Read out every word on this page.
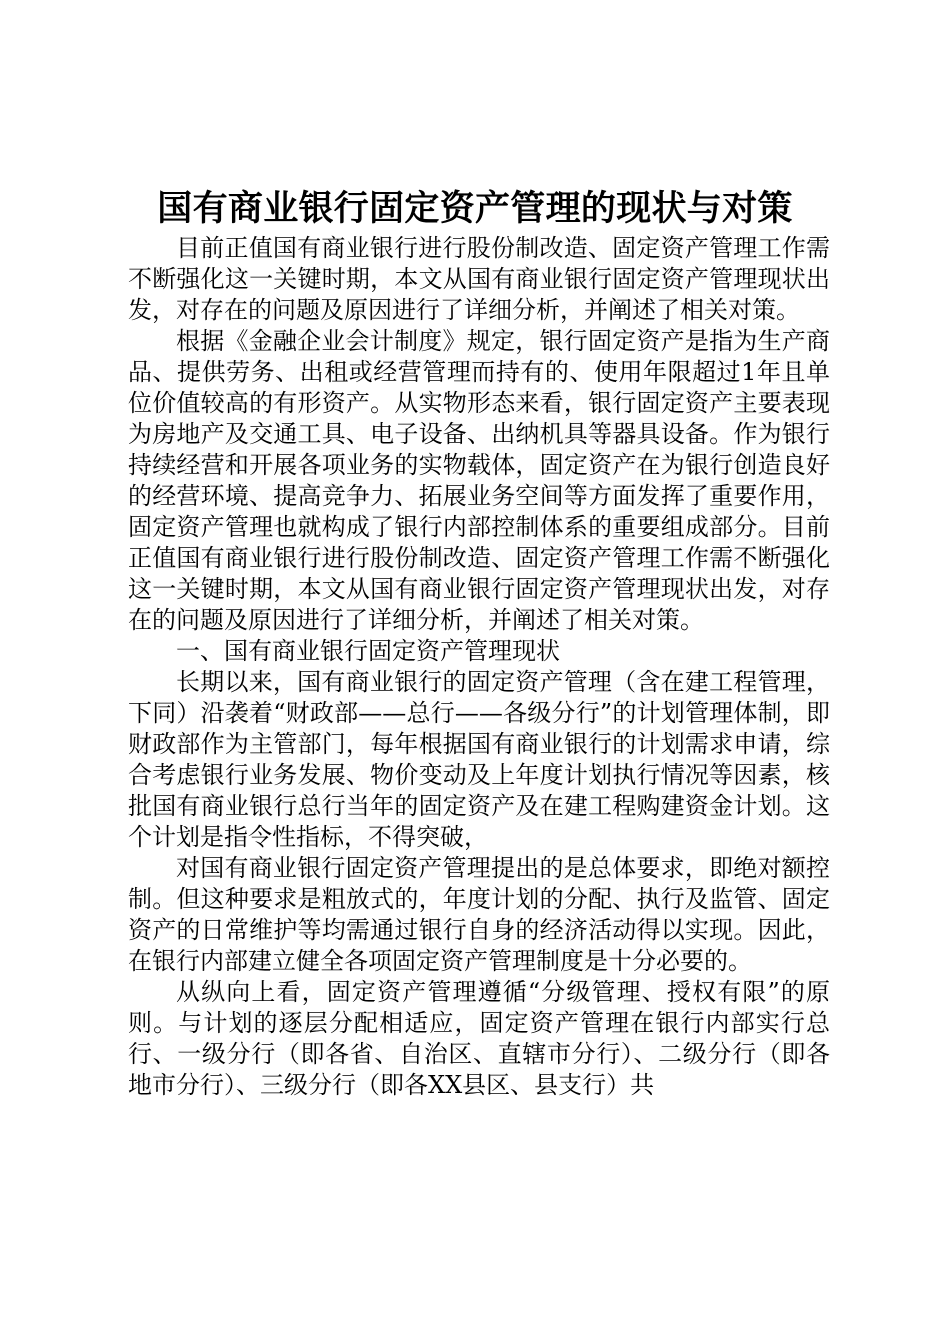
国有商业银行固定资产管理的现状与对策

目前正值国有商业银行进行股份制改造、固定资产管理工作需不断强化这一关键时期，本文从国有商业银行固定资产管理现状出发，对存在的问题及原因进行了详细分析，并阐述了相关对策。

根据《金融企业会计制度》规定，银行固定资产是指为生产商品、提供劳务、出租或经营管理而持有的、使用年限超过1年且单位价值较高的有形资产。从实物形态来看，银行固定资产主要表现为房地产及交通工具、电子设备、出纳机具等器具设备。作为银行持续经营和开展各项业务的实物载体，固定资产在为银行创造良好的经营环境、提高竞争力、拓展业务空间等方面发挥了重要作用，固定资产管理也就构成了银行内部控制体系的重要组成部分。目前正值国有商业银行进行股份制改造、固定资产管理工作需不断强化这一关键时期，本文从国有商业银行固定资产管理现状出发，对存在的问题及原因进行了详细分析，并阐述了相关对策。

一、国有商业银行固定资产管理现状

长期以来，国有商业银行的固定资产管理（含在建工程管理，下同）沿袭着“财政部——总行——各级分行”的计划管理体制，即财政部作为主管部门，每年根据国有商业银行的计划需求申请，综合考虑银行业务发展、物价变动及上年度计划执行情况等因素，核批国有商业银行总行当年的固定资产及在建工程购建资金计划。这个计划是指令性指标，不得突破，

对国有商业银行固定资产管理提出的是总体要求，即绝对额控制。但这种要求是粗放式的，年度计划的分配、执行及监管、固定资产的日常维护等均需通过银行自身的经济活动得以实现。因此，在银行内部建立健全各项固定资产管理制度是十分必要的。

从纵向上看，固定资产管理遵循“分级管理、授权有限”的原则。与计划的逐层分配相适应，固定资产管理在银行内部实行总行、一级分行（即各省、自治区、直辖市分行）、二级分行（即各地市分行）、三级分行（即各XX县区、县支行）共
